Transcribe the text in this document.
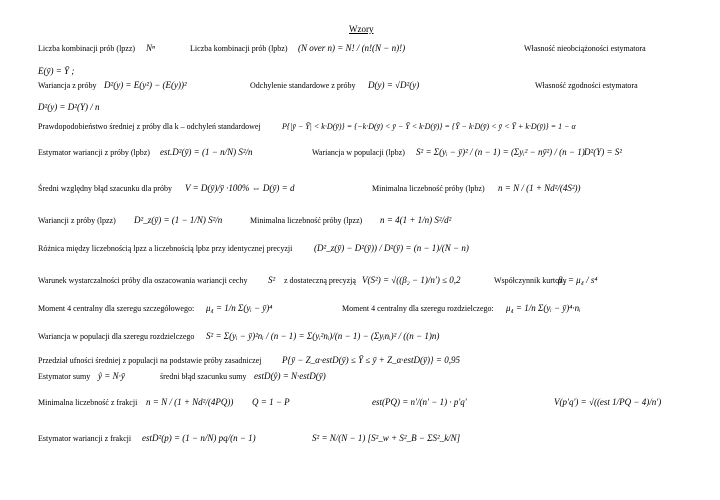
Wzory
Liczba kombinacji prób (lpzz) Nⁿ	Liczba kombinacji prób (lpbz) (N over n) = N! / (n!(N − n)!)	Własność nieobciążoności estymatora
E(ȳ) = Ȳ ;
Wariancja z próby D²(y) = E(y²) − (E(y))²	Odchylenie standardowe z próby D(y) = √D²(y)	Własność zgodności estymatora
D²(y) = D²(Y) / n
Prawdopodobieństwo średniej z próby dla k – odchyleń standardowej	P{|ȳ − Ȳ| < k·D(ȳ)} = {−k·D(ȳ) < ȳ − Ȳ < k·D(ȳ)} = {Ȳ − k·D(ȳ) < ȳ < Ȳ + k·D(ȳ)} = 1 − α
Estymator wariancji z próby (lpbz) est.D²(ȳ) = (1 − n/N) S²/n	Wariancja w populacji (lpbz) S² = Σ(yᵢ − ȳ)² / (n − 1) = (Σyᵢ² − nȳ²) / (n − 1) D²(Y) = S²
Średni względny błąd szacunku dla próby V = D(ȳ)/ȳ ·100% ⇔ D(ȳ) = d	Minimalna liczebność próby (lpbz) n = N / (1 + Nd²/(4S²))
Wariancji z próby (lpzz) D²_z(ȳ) = (1 − 1/N) S²/n	Minimalna liczebność próby (lpzz) n = 4(1 + 1/n) S²/d²
Różnica między liczebnością lpzz a liczebnością lpbz przy identycznej precyzji (D²_z(ȳ) − D²(ȳ)) / D²(ȳ) = (n − 1)/(N − n)
Warunek wystarczalności próby dla oszacowania wariancji cechy S² z dostateczną precyzją V(S²) = √((β₂ − 1)/n′) ≤ 0,2	Współczynnik kurtozy
β₂ = μ₄ / s⁴
Moment 4 centralny dla szeregu szczegółowego: μ₄ = 1/n Σ(yᵢ − ȳ)⁴	Moment 4 centralny dla szeregu rozdzielczego: μ₄ = 1/n Σ(yᵢ − ȳ)⁴·nᵢ
Wariancja w populacji dla szeregu rozdzielczego S² = Σ(yᵢ − ȳ)²nᵢ / (n − 1) = Σ(yᵢ²nᵢ)/(n − 1) − (Σyᵢnᵢ)² / ((n − 1)n)
Przedział ufności średniej z populacji na podstawie próby zasadniczej P{ȳ − Z_α·estD(ȳ) ≤ Ȳ ≤ ȳ + Z_α·estD(ȳ)} = 0,95
Estymator sumy ŷ = N·ȳ	średni błąd szacunku sumy estD(ŷ) = N·estD(ȳ)
Minimalna liczebność z frakcji n = N / (1 + Nd²/(4PQ)) Q = 1 − P	est(PQ) = n′/(n′ − 1) · p′q′	V(p′q′) = √((est 1/PQ − 4)/n′)
Estymator wariancji z frakcji estD²(p) = (1 − n/N) pq/(n − 1)	S² = N/(N − 1) [S²_w + S²_B − ΣS²_k/N]
